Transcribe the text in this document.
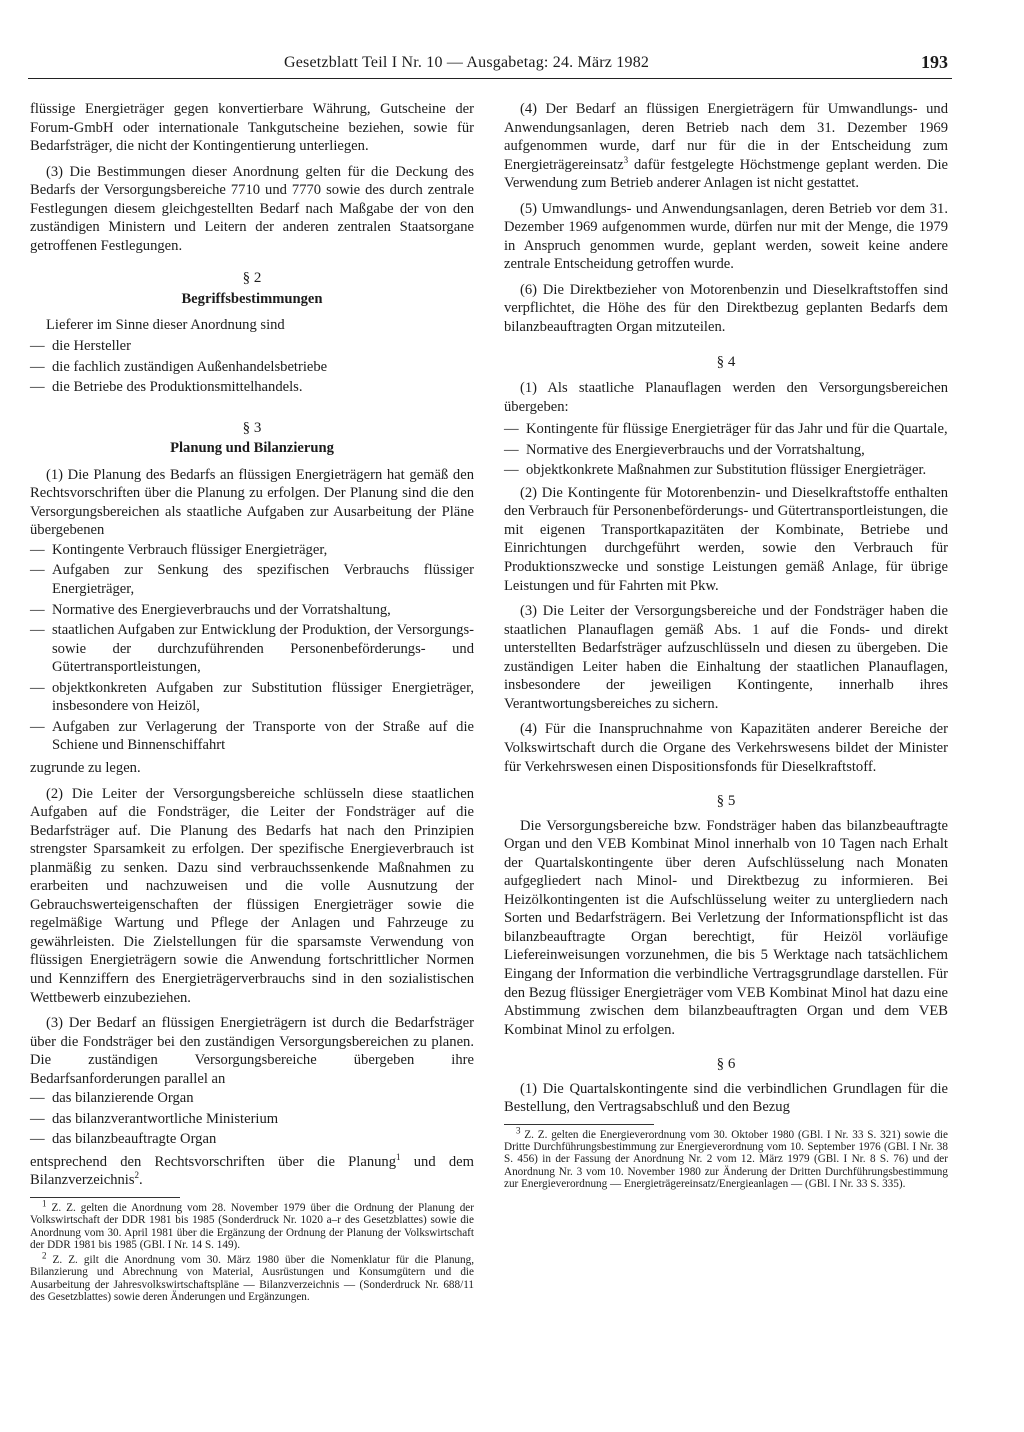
Gesetzblatt Teil I Nr. 10 — Ausgabetag: 24. März 1982	193

flüssige Energieträger gegen konvertierbare Währung, Gutscheine der Forum-GmbH oder internationale Tankgutscheine beziehen, sowie für Bedarfsträger, die nicht der Kontingentierung unterliegen.

(3) Die Bestimmungen dieser Anordnung gelten für die Deckung des Bedarfs der Versorgungsbereiche 7710 und 7770 sowie des durch zentrale Festlegungen diesem gleichgestellten Bedarf nach Maßgabe der von den zuständigen Ministern und Leitern der anderen zentralen Staatsorgane getroffenen Festlegungen.

§ 2
Begriffsbestimmungen

Lieferer im Sinne dieser Anordnung sind

— die Hersteller
— die fachlich zuständigen Außenhandelsbetriebe
— die Betriebe des Produktionsmittelhandels.
§ 3
Planung und Bilanzierung

(1) Die Planung des Bedarfs an flüssigen Energieträgern hat gemäß den Rechtsvorschriften über die Planung zu erfolgen. Der Planung sind die den Versorgungsbereichen als staatliche Aufgaben zur Ausarbeitung der Pläne übergebenen

— Kontingente Verbrauch flüssiger Energieträger,
— Aufgaben zur Senkung des spezifischen Verbrauchs flüssiger Energieträger,
— Normative des Energieverbrauchs und der Vorratshaltung,
— staatlichen Aufgaben zur Entwicklung der Produktion, der Versorgungs- sowie der durchzuführenden Personenbeförderungs- und Gütertransportleistungen,
— objektkonkreten Aufgaben zur Substitution flüssiger Energieträger, insbesondere von Heizöl,
— Aufgaben zur Verlagerung der Transporte von der Straße auf die Schiene und Binnenschiffahrt

zugrunde zu legen.

(2) Die Leiter der Versorgungsbereiche schlüsseln diese staatlichen Aufgaben auf die Fondsträger, die Leiter der Fondsträger auf die Bedarfsträger auf. Die Planung des Bedarfs hat nach den Prinzipien strengster Sparsamkeit zu erfolgen. Der spezifische Energieverbrauch ist planmäßig zu senken. Dazu sind verbrauchssenkende Maßnahmen zu erarbeiten und nachzuweisen und die volle Ausnutzung der Gebrauchswerteigenschaften der flüssigen Energieträger sowie die regelmäßige Wartung und Pflege der Anlagen und Fahrzeuge zu gewährleisten. Die Zielstellungen für die sparsamste Verwendung von flüssigen Energieträgern sowie die Anwendung fortschrittlicher Normen und Kennziffern des Energieträgerverbrauchs sind in den sozialistischen Wettbewerb einzubeziehen.

(3) Der Bedarf an flüssigen Energieträgern ist durch die Bedarfsträger über die Fondsträger bei den zuständigen Versorgungsbereichen zu planen. Die zuständigen Versorgungsbereiche übergeben ihre Bedarfsanforderungen parallel an

— das bilanzierende Organ
— das bilanzverantwortliche Ministerium
— das bilanzbeauftragte Organ

entsprechend den Rechtsvorschriften über die Planung$^1$ und dem Bilanzverzeichnis$^2$.

$^1$ Z. Z. gelten die Anordnung vom 28. November 1979 über die Ordnung der Planung der Volkswirtschaft der DDR 1981 bis 1985 (Sonderdruck Nr. 1020 a–r des Gesetzblattes) sowie die Anordnung vom 30. April 1981 über die Ergänzung der Ordnung der Planung der Volkswirtschaft der DDR 1981 bis 1985 (GBl. I Nr. 14 S. 149).

$^2$ Z. Z. gilt die Anordnung vom 30. März 1980 über die Nomenklatur für die Planung, Bilanzierung und Abrechnung von Material, Ausrüstungen und Konsumgütern und die Ausarbeitung der Jahresvolkswirtschaftspläne — Bilanzverzeichnis — (Sonderdruck Nr. 688/11 des Gesetzblattes) sowie deren Änderungen und Ergänzungen.

(4) Der Bedarf an flüssigen Energieträgern für Umwandlungs- und Anwendungsanlagen, deren Betrieb nach dem 31. Dezember 1969 aufgenommen wurde, darf nur für die in der Entscheidung zum Energieträgereinsatz$^3$ dafür festgelegte Höchstmenge geplant werden. Die Verwendung zum Betrieb anderer Anlagen ist nicht gestattet.

(5) Umwandlungs- und Anwendungsanlagen, deren Betrieb vor dem 31. Dezember 1969 aufgenommen wurde, dürfen nur mit der Menge, die 1979 in Anspruch genommen wurde, geplant werden, soweit keine andere zentrale Entscheidung getroffen wurde.

(6) Die Direktbezieher von Motorenbenzin und Dieselkraftstoffen sind verpflichtet, die Höhe des für den Direktbezug geplanten Bedarfs dem bilanzbeauftragten Organ mitzuteilen.

§ 4

(1) Als staatliche Planauflagen werden den Versorgungsbereichen übergeben:

— Kontingente für flüssige Energieträger für das Jahr und für die Quartale,
— Normative des Energieverbrauchs und der Vorratshaltung,
— objektkonkrete Maßnahmen zur Substitution flüssiger Energieträger.

(2) Die Kontingente für Motorenbenzin- und Dieselkraftstoffe enthalten den Verbrauch für Personenbeförderungs- und Gütertransportleistungen, die mit eigenen Transportkapazitäten der Kombinate, Betriebe und Einrichtungen durchgeführt werden, sowie den Verbrauch für Produktionszwecke und sonstige Leistungen gemäß Anlage, für übrige Leistungen und für Fahrten mit Pkw.

(3) Die Leiter der Versorgungsbereiche und der Fondsträger haben die staatlichen Planauflagen gemäß Abs. 1 auf die Fonds- und direkt unterstellten Bedarfsträger aufzuschlüsseln und diesen zu übergeben. Die zuständigen Leiter haben die Einhaltung der staatlichen Planauflagen, insbesondere der jeweiligen Kontingente, innerhalb ihres Verantwortungsbereiches zu sichern.

(4) Für die Inanspruchnahme von Kapazitäten anderer Bereiche der Volkswirtschaft durch die Organe des Verkehrswesens bildet der Minister für Verkehrswesen einen Dispositionsfonds für Dieselkraftstoff.

§ 5

Die Versorgungsbereiche bzw. Fondsträger haben das bilanzbeauftragte Organ und den VEB Kombinat Minol innerhalb von 10 Tagen nach Erhalt der Quartalskontingente über deren Aufschlüsselung nach Monaten aufgegliedert nach Minol- und Direktbezug zu informieren. Bei Heizölkontingenten ist die Aufschlüsselung weiter zu untergliedern nach Sorten und Bedarfsträgern. Bei Verletzung der Informationspflicht ist das bilanzbeauftragte Organ berechtigt, für Heizöl vorläufige Liefereinweisungen vorzunehmen, die bis 5 Werktage nach tatsächlichem Eingang der Information die verbindliche Vertragsgrundlage darstellen. Für den Bezug flüssiger Energieträger vom VEB Kombinat Minol hat dazu eine Abstimmung zwischen dem bilanzbeauftragten Organ und dem VEB Kombinat Minol zu erfolgen.

§ 6

(1) Die Quartalskontingente sind die verbindlichen Grundlagen für die Bestellung, den Vertragsabschluß und den Bezug

$^3$ Z. Z. gelten die Energieverordnung vom 30. Oktober 1980 (GBl. I Nr. 33 S. 321) sowie die Dritte Durchführungsbestimmung zur Energieverordnung vom 10. September 1976 (GBl. I Nr. 38 S. 456) in der Fassung der Anordnung Nr. 2 vom 12. März 1979 (GBl. I Nr. 8 S. 76) und der Anordnung Nr. 3 vom 10. November 1980 zur Änderung der Dritten Durchführungsbestimmung zur Energieverordnung — Energieträgereinsatz/Energieanlagen — (GBl. I Nr. 33 S. 335).
